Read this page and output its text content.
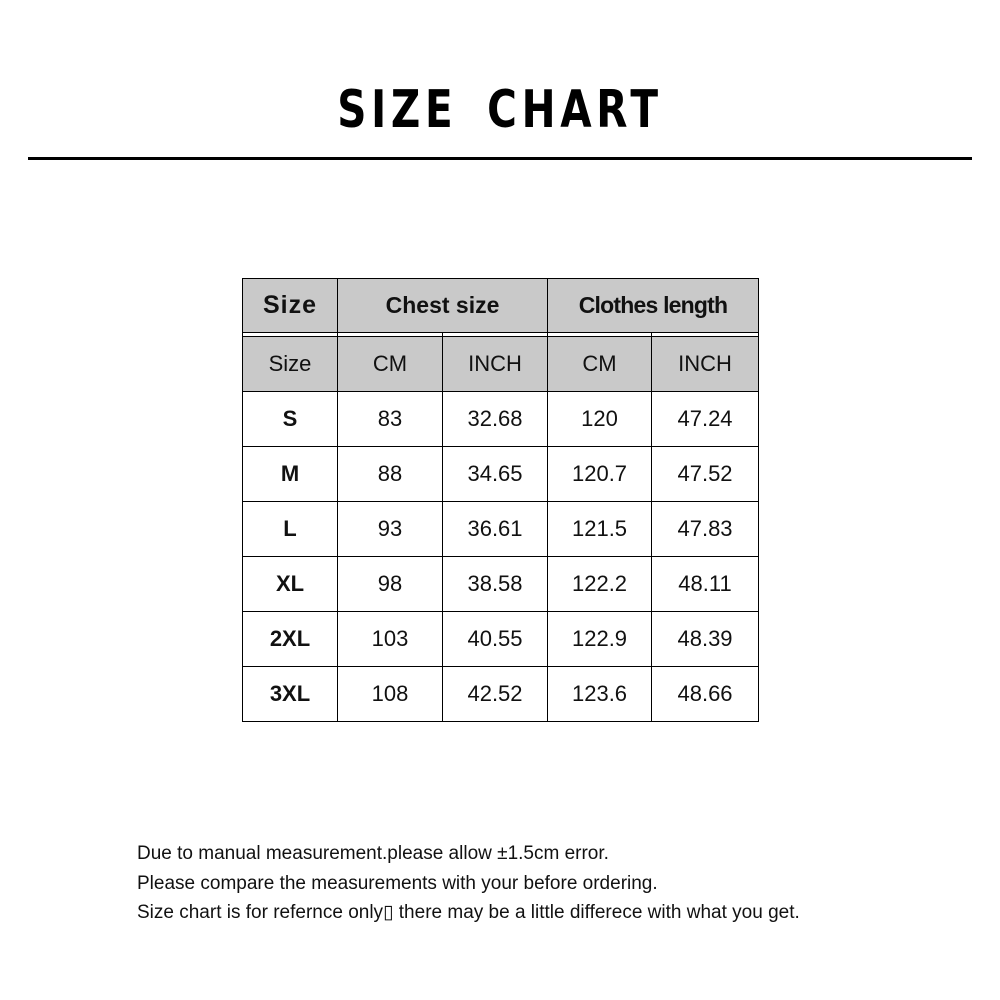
SIZE CHART
Size	Chest size		Clothes length	

Size	CM	INCH	CM	INCH
S	83	32.68	120	47.24
M	88	34.65	120.7	47.52
L	93	36.61	121.5	47.83
XL	98	38.58	122.2	48.11
2XL	103	40.55	122.9	48.39
3XL	108	42.52	123.6	48.66
Due to manual measurement.please allow ±1.5cm error.
Please compare the measurements with your before ordering.
Size chart is for refernce only▯ there may be a little differece with what you get.
